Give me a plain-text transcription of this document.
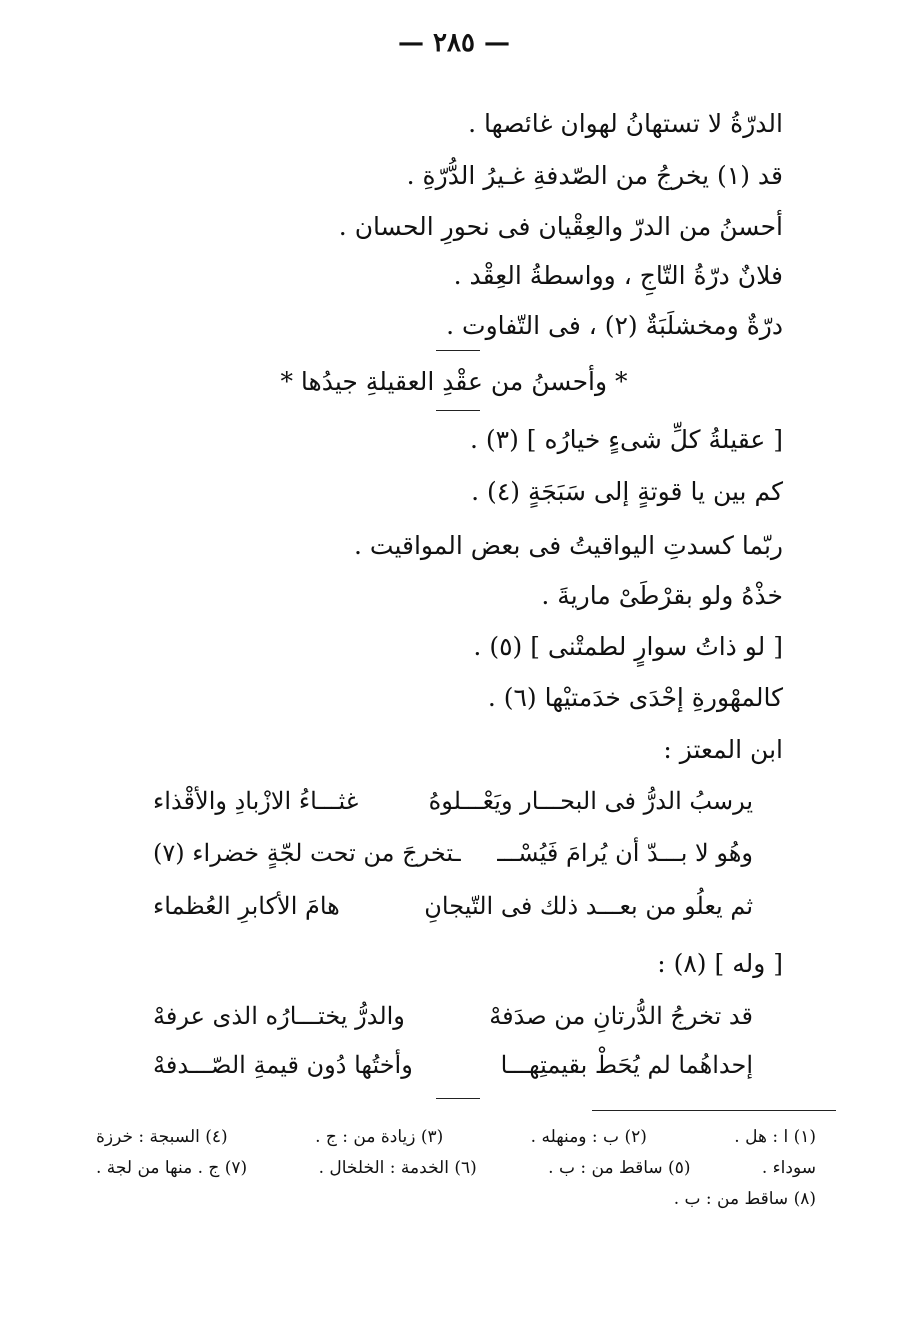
— ٢٨٥ —
الدرّةُ لا تستهانُ لهوان غائصها .
قد (١) يخرجُ من الصّدفةِ غـيرُ الدُّرّةِ .
أحسنُ من الدرّ والعِقْيان فى نحورِ الحسان .
فلانٌ درّةُ التّاجِ ، وواسطةُ العِقْد .
درّةٌ ومخشلَبَةٌ (٢) ، فى التّفاوت .
* وأحسنُ من عقْدِ العقيلةِ جيدُها *
[ عقيلةُ كلِّ شىءٍ خيارُه ] (٣) .
كم بين يا قوتةٍ إلى سَبَجَةٍ (٤) .
ربّما كسدتِ اليواقيتُ فى بعض المواقيت .
خذْهُ ولو بقرْطَىْ ماريةَ .
[ لو ذاتُ سوارٍ لطمتْنى ] (٥) .
كالمهْورةِ إحْدَى خدَمتيْها (٦) .
ابن المعتز :
يرسبُ الدرُّ فى البحـــار ويَعْـــلوهُ
غثـــاءُ الازْبادِ والأقْذاء
وهُو لا بـــدّ أن يُرامَ فَيُسْـــ
ـتخرجَ من تحت لجّةٍ خضراء (٧)
ثم يعلُو من بعـــد ذلك فى التّيجانِ
هامَ الأكابرِ العُظماء
[ وله ] (٨) :
قد تخرجُ الدُّرتانِ من صدَفهْ
والدرُّ يختـــارُه الذى عرفهْ
إحداهُما لم يُحَطْ بقيمتِهـــا
وأختُها دُون قيمةِ الصّـــدفهْ
(١) ا : هل .
(٢) ب : ومنهله .
(٣) زيادة من : ج .
(٤) السبجة : خرزة
سوداء .
(٥) ساقط من : ب .
(٦) الخدمة : الخلخال .
(٧) ج . منها من لجة .
(٨) ساقط من : ب .
